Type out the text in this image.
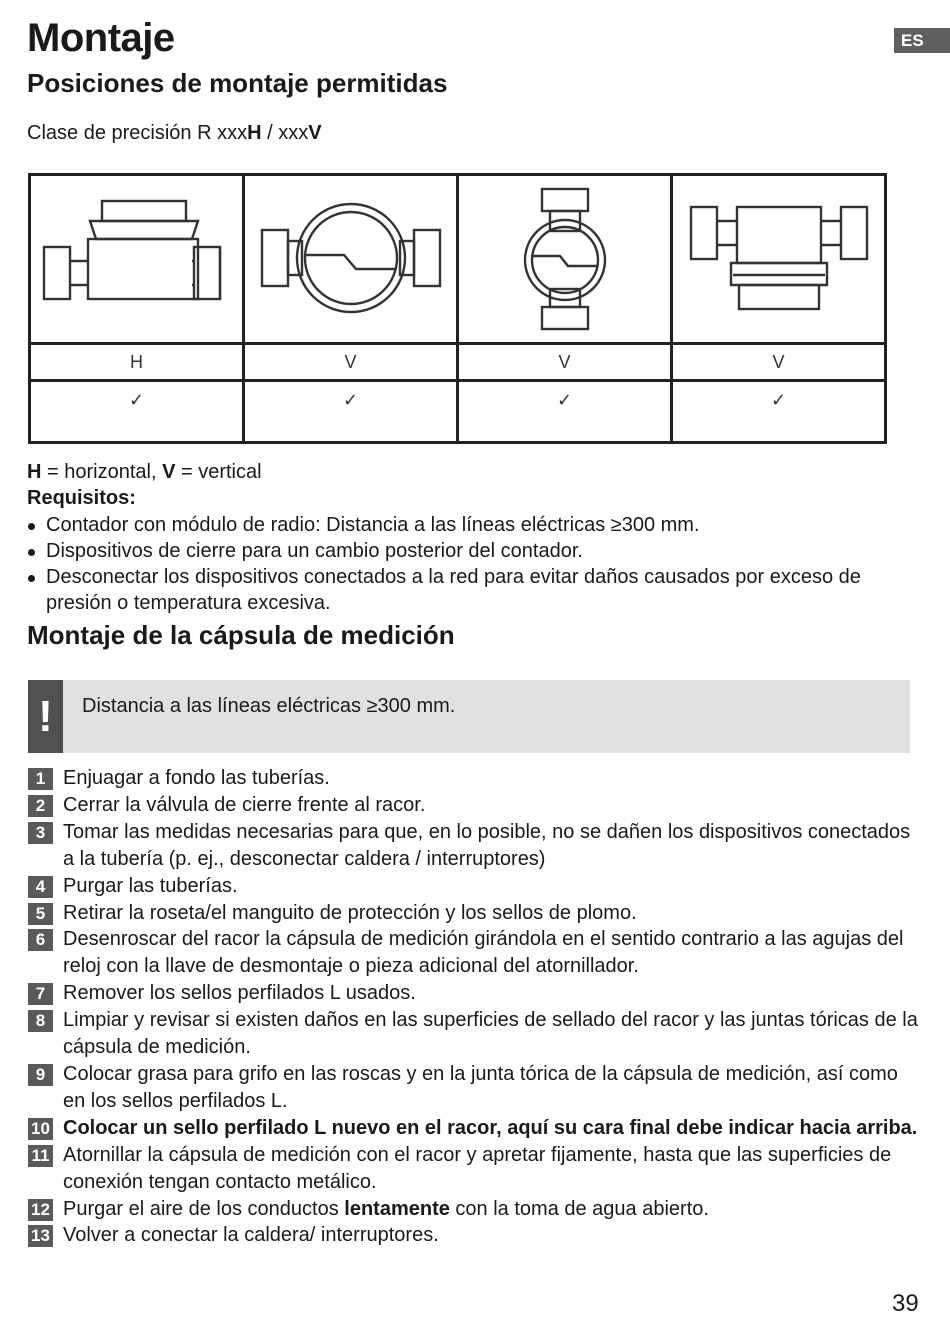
ES
Montaje
Posiciones de montaje permitidas
Clase de precisión R xxxH / xxxV

H	V	V	V
✓	✓	✓	✓
H = horizontal, V = vertical
Requisitos:
Contador con módulo de radio: Distancia a las líneas eléctricas ≥300 mm.
Dispositivos de cierre para un cambio posterior del contador.
Desconectar los dispositivos conectados a la red para evitar daños causados por exceso de presión o temperatura excesiva.
Montaje de la cápsula de medición
!	Distancia a las líneas eléctricas ≥300 mm.
1 Enjuagar a fondo las tuberías.
2 Cerrar la válvula de cierre frente al racor.
3 Tomar las medidas necesarias para que, en lo posible, no se dañen los dispositivos conectados a la tubería (p. ej., desconectar caldera / interruptores)
4 Purgar las tuberías.
5 Retirar la roseta/el manguito de protección y los sellos de plomo.
6 Desenroscar del racor la cápsula de medición girándola en el sentido contrario a las agujas del reloj con la llave de desmontaje o pieza adicional del atornillador.
7 Remover los sellos perfilados L usados.
8 Limpiar y revisar si existen daños en las superficies de sellado del racor y las juntas tóricas de la cápsula de medición.
9 Colocar grasa para grifo en las roscas y en la junta tórica de la cápsula de medición, así como en los sellos perfilados L.
10 Colocar un sello perfilado L nuevo en el racor, aquí su cara final debe indicar hacia arriba.
11 Atornillar la cápsula de medición con el racor y apretar fijamente, hasta que las superficies de conexión tengan contacto metálico.
12 Purgar el aire de los conductos lentamente con la toma de agua abierto.
13 Volver a conectar la caldera/ interruptores.
39
